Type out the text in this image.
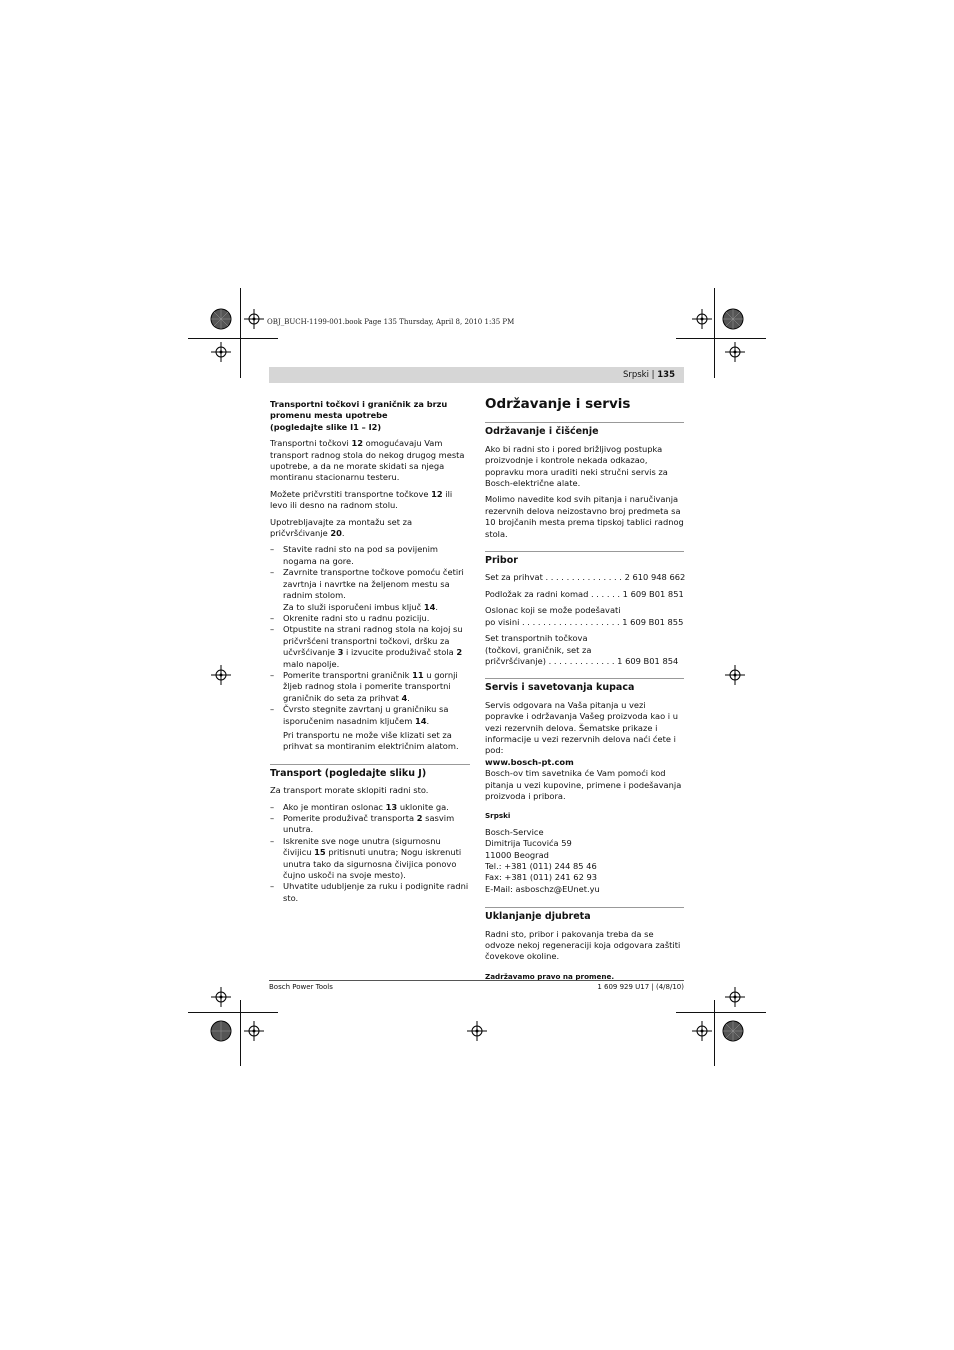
OBJ_BUCH-1199-001.book Page 135 Thursday, April 8, 2010 1:35 PM
Srpski | 135
Transportni točkovi i graničnik za brzu
promenu mesta upotrebe
(pogledajte slike I1 – I2)

Transportni točkovi 12 omogućavaju Vam transport radnog stola do nekog drugog mesta upotrebe, a da ne morate skidati sa njega montiranu stacionarnu testeru.

Možete pričvrstiti transportne točkove 12 ili levo ili desno na radnom stolu.

Upotrebljavajte za montažu set za pričvršćivanje 20.

– Stavite radni sto na pod sa povijenim nogama na gore.
– Zavrnite transportne točkove pomoću četiri zavrtnja i navrtke na željenom mestu sa radnim stolom.
Za to služi isporučeni imbus ključ 14.
– Okrenite radni sto u radnu poziciju.
– Otpustite na strani radnog stola na kojoj su pričvršćeni transportni točkovi, dršku za učvršćivanje 3 i izvucite produživač stola 2 malo napolje.
– Pomerite transportni graničnik 11 u gornji žljeb radnog stola i pomerite transportni graničnik do seta za prihvat 4.
– Čvrsto stegnite zavrtanj u graničniku sa isporučenim nasadnim ključem 14.
Pri transportu ne može više klizati set za prihvat sa montiranim električnim alatom.
Transport (pogledajte sliku J)

Za transport morate sklopiti radni sto.

– Ako je montiran oslonac 13 uklonite ga.
– Pomerite produživač transporta 2 sasvim unutra.
– Iskrenite sve noge unutra (sigurnosnu čivijicu 15 pritisnuti unutra; Nogu iskrenuti unutra tako da sigurnosna čivijica ponovo čujno uskoči na svoje mesto).
– Uhvatite udubljenje za ruku i podignite radni sto.
Održavanje i servis
Održavanje i čišćenje

Ako bi radni sto i pored brižljivog postupka proizvodnje i kontrole nekada odkazao, popravku mora uraditi neki stručni servis za Bosch-električne alate.

Molimo navedite kod svih pitanja i naručivanja rezervnih delova neizostavno broj predmeta sa 10 brojčanih mesta prema tipskoj tablici radnog stola.

Pribor

Set za prihvat . . . . . . . . . . . . . . . 2 610 948 662

Podložak za radni komad . . . . . . 1 609 B01 851

Oslonac koji se može podešavati
po visini . . . . . . . . . . . . . . . . . . . 1 609 B01 855

Set transportnih točkova
(točkovi, graničnik, set za
pričvršćivanje) . . . . . . . . . . . . . 1 609 B01 854

Servis i savetovanja kupaca

Servis odgovara na Vaša pitanja u vezi popravke i održavanja Vašeg proizvoda kao i u vezi rezervnih delova. Šematske prikaze i informacije u vezi rezervnih delova naći ćete i pod:

www.bosch-pt.com

Bosch-ov tim savetnika će Vam pomoći kod pitanja u vezi kupovine, primene i podešavanja proizvoda i pribora.

Srpski

Bosch-Service
Dimitrija Tucovića 59
11000 Beograd
Tel.: +381 (011) 244 85 46
Fax: +381 (011) 241 62 93
E-Mail: asboschz@EUnet.yu
Uklanjanje djubreta

Radni sto, pribor i pakovanja treba da se odvoze nekoj regeneraciji koja odgovara zaštiti čovekove okoline.

Zadržavamo pravo na promene.

Bosch Power Tools	1 609 929 U17 | (4/8/10)
